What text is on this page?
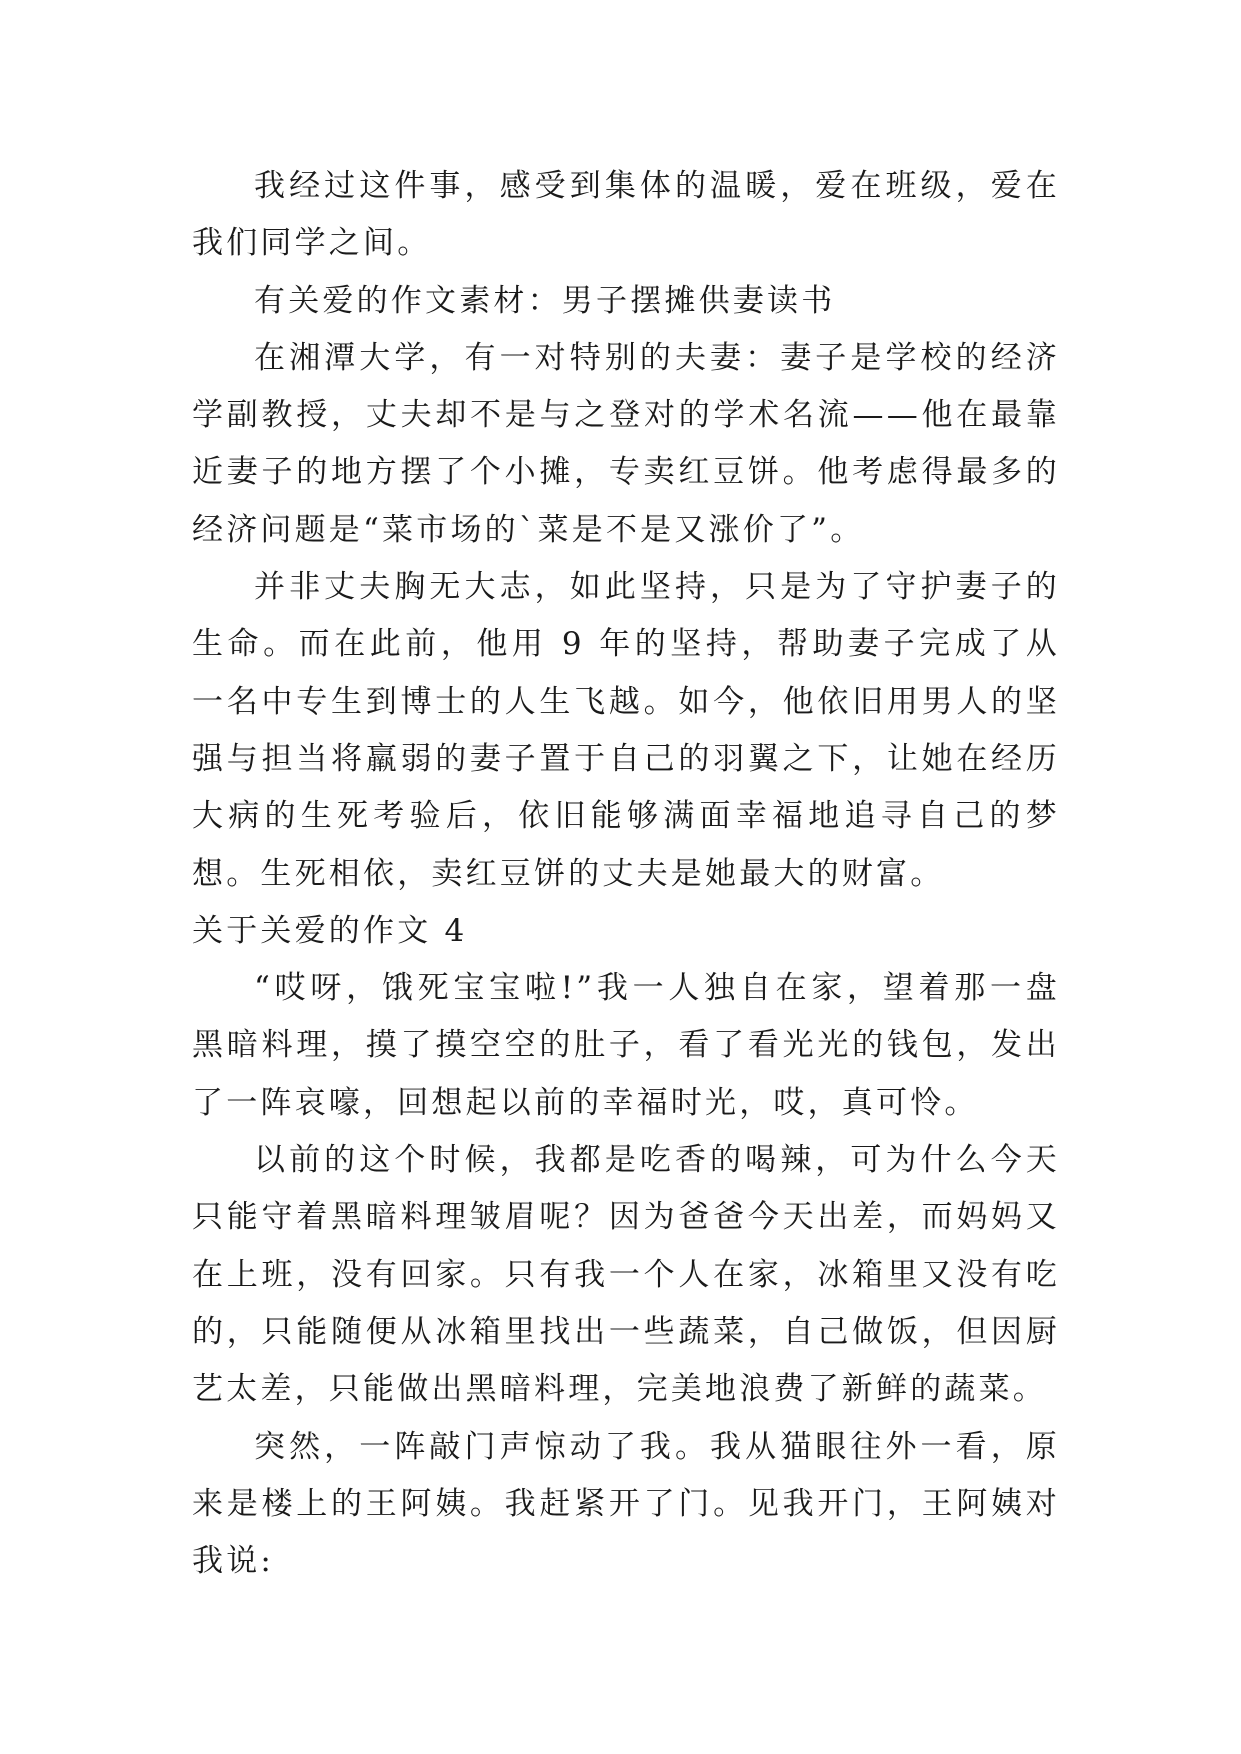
我经过这件事，感受到集体的温暖，爱在班级，爱在我们同学之间。

有关爱的作文素材：男子摆摊供妻读书

在湘潭大学，有一对特别的夫妻：妻子是学校的经济学副教授，丈夫却不是与之登对的学术名流——他在最靠近妻子的地方摆了个小摊，专卖红豆饼。他考虑得最多的经济问题是“菜市场的`菜是不是又涨价了”。

并非丈夫胸无大志，如此坚持，只是为了守护妻子的生命。而在此前，他用 9 年的坚持，帮助妻子完成了从一名中专生到博士的人生飞越。如今，他依旧用男人的坚强与担当将羸弱的妻子置于自己的羽翼之下，让她在经历大病的生死考验后，依旧能够满面幸福地追寻自己的梦想。生死相依，卖红豆饼的丈夫是她最大的财富。

关于关爱的作文 4

“哎呀，饿死宝宝啦!”我一人独自在家，望着那一盘黑暗料理，摸了摸空空的肚子，看了看光光的钱包，发出了一阵哀嚎，回想起以前的幸福时光，哎，真可怜。

以前的这个时候，我都是吃香的喝辣，可为什么今天只能守着黑暗料理皱眉呢？因为爸爸今天出差，而妈妈又在上班，没有回家。只有我一个人在家，冰箱里又没有吃的，只能随便从冰箱里找出一些蔬菜，自己做饭，但因厨艺太差，只能做出黑暗料理，完美地浪费了新鲜的蔬菜。

突然，一阵敲门声惊动了我。我从猫眼往外一看，原来是楼上的王阿姨。我赶紧开了门。见我开门，王阿姨对我说:
